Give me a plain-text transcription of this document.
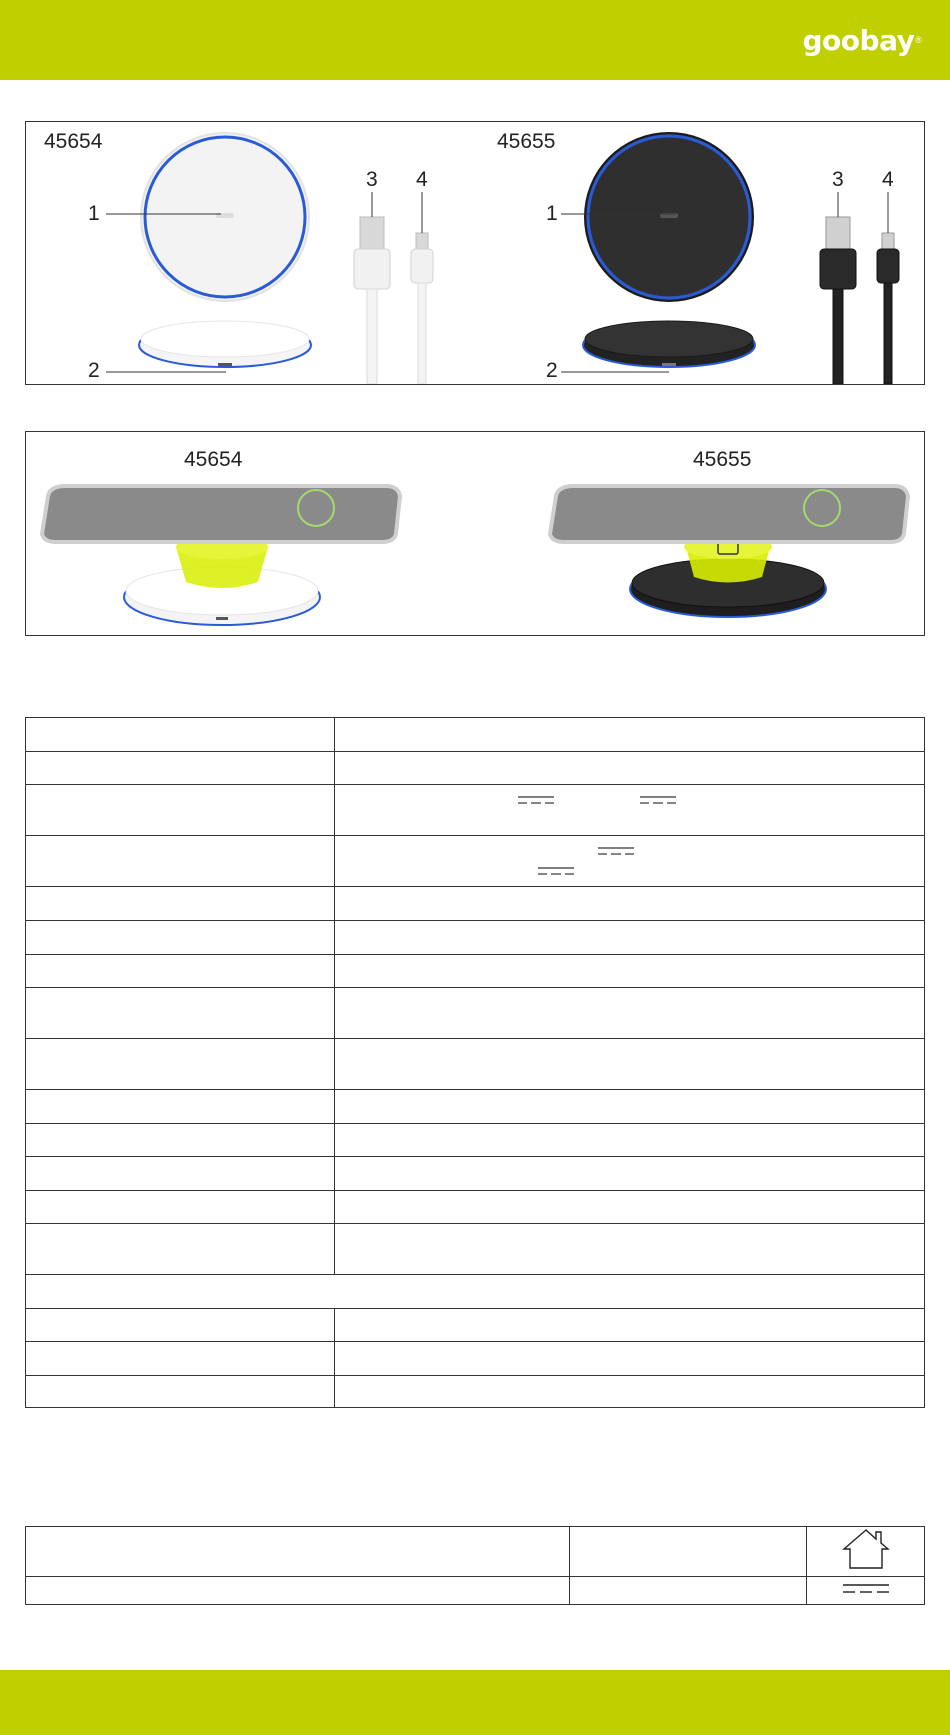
goobay ®
45654
1
2
3 4
45655
1
2
3 4
45654	45655
